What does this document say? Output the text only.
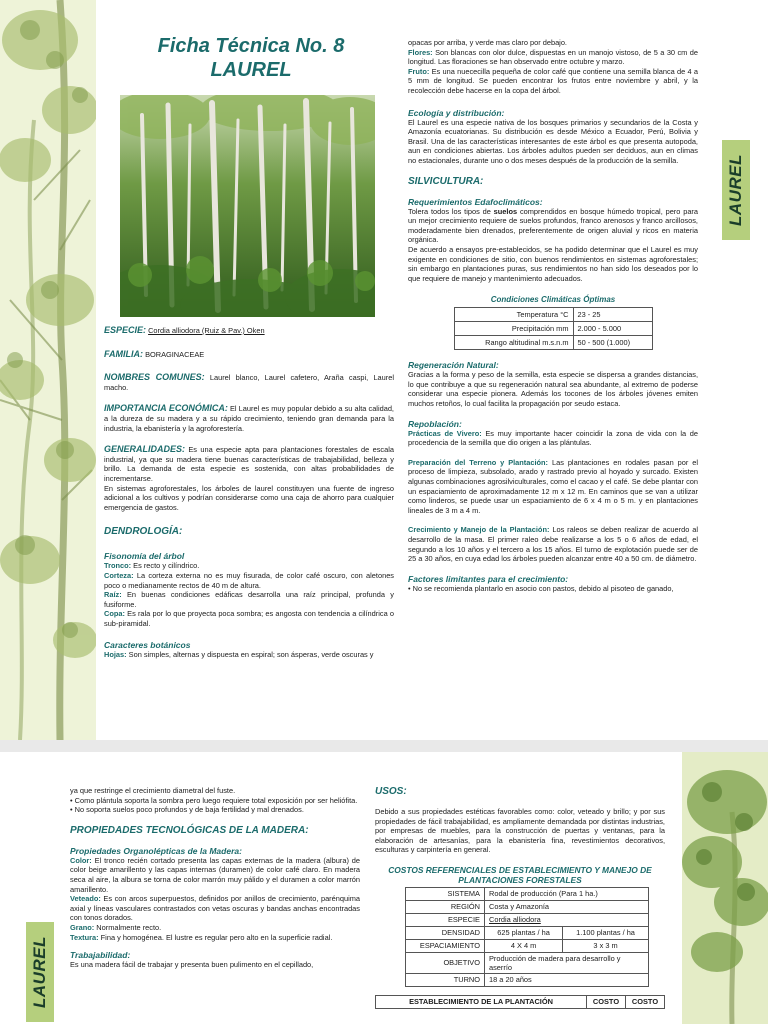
LAUREL
Ficha Técnica No. 8
LAUREL
ESPECIE: Cordia alliodora (Ruiz & Pav.) Oken
FAMILIA: BORAGINACEAE
NOMBRES COMUNES: Laurel blanco, Laurel cafetero, Araña caspi, Laurel macho.
IMPORTANCIA ECONÓMICA: El Laurel es muy popular debido a su alta calidad, a la dureza de su madera y a su rápido crecimiento, teniendo gran demanda para la industria, la ebanistería y la agroforestería.
GENERALIDADES: Es una especie apta para plantaciones forestales de escala industrial, ya que su madera tiene buenas características de trabajabilidad, belleza y brillo. La demanda de esta especie es sostenida, con altas probabilidades de incrementarse.
En sistemas agroforestales, los árboles de laurel constituyen una fuente de ingreso adicional a los cultivos y podrían considerarse como una caja de ahorro para cualquier emergencia de gastos.
DENDROLOGÍA:
Fisonomía del árbol
Tronco: Es recto y cilíndrico.
Corteza: La corteza externa no es muy fisurada, de color café oscuro, con aletones poco o medianamente rectos de 40 m de altura.
Raíz: En buenas condiciones edáficas desarrolla una raíz principal, profunda y fusiforme.
Copa: Es rala por lo que proyecta poca sombra; es angosta con tendencia a cilíndrica o sub-piramidal.
Caracteres botánicos
Hojas: Son simples, alternas y dispuesta en espiral; son ásperas, verde oscuras y
opacas por arriba, y verde mas claro por debajo.
Flores: Son blancas con olor dulce, dispuestas en un manojo vistoso, de 5 a 30 cm de longitud. Las floraciones se han observado entre octubre y marzo.
Fruto: Es una nuececilla pequeña de color café que contiene una semilla blanca de 4 a 5 mm de longitud. Se pueden encontrar los frutos entre noviembre y abril, y la recolección debe hacerse en la copa del árbol.
Ecología y distribución:
El Laurel es una especie nativa de los bosques primarios y secundarios de la Costa y Amazonía ecuatorianas. Su distribución es desde México a Ecuador, Perú, Bolivia y Brasil. Una de las características interesantes de este árbol es que presenta autopoda, aun en condiciones abiertas. Los árboles adultos pueden ser deciduos, aun en climas no estacionales, durante uno o dos meses después de la producción de la semilla.
SILVICULTURA:
Requerimientos Edafoclimáticos:
Tolera todos los tipos de suelos comprendidos en bosque húmedo tropical, pero para un mejor crecimiento requiere de suelos profundos, franco arenosos y franco arcillosos, moderadamente bien drenados, preferentemente de origen aluvial y ricos en materia orgánica.
De acuerdo a ensayos pre-establecidos, se ha podido determinar que el Laurel es muy exigente en condiciones de sitio, con buenos rendimientos en sistemas agroforestales; sin embargo en plantaciones puras, sus rendimientos no han sido los deseados por lo que requiere de manejo y mantenimiento adecuados.
Condiciones Climáticas Óptimas
Temperatura °C	23 - 25
Precipitación mm	2.000 - 5.000
Rango altitudinal m.s.n.m	50 - 500 (1.000)
Regeneración Natural:
Gracias a la forma y peso de la semilla, esta especie se dispersa a grandes distancias, lo que contribuye a que su regeneración natural sea abundante, al extremo de poderse considerar una especie pionera. Además los tocones de los árboles jóvenes emiten muchos retoños, lo cual facilita la propagación por seudo estaca.
Repoblación:
Prácticas de Vivero: Es muy importante hacer coincidir la zona de vida con la de procedencia de la semilla que dio origen a las plántulas.
Preparación del Terreno y Plantación: Las plantaciones en rodales pasan por el proceso de limpieza, subsolado, arado y rastrado previo al hoyado y surcado. Existen algunas combinaciones agrosilviculturales, como el cacao y el café. Se debe plantar con un espaciamiento de aproximadamente 12 m x 12 m. En caminos que se van a utilizar como linderos, se puede usar un espaciamiento de 6 x 4 m o 5 m. y en plantaciones lineales de 3 m a 4 m.
Crecimiento y Manejo de la Plantación: Los raleos se deben realizar de acuerdo al desarrollo de la masa. El primer raleo debe realizarse a los 5 o 6 años de edad, el segundo a los 10 años y el tercero a los 15 años. El turno de explotación puede ser de 25 a 30 años, en cuya edad los árboles pueden alcanzar entre 40 a 50 cm. de diámetro.
Factores limitantes para el crecimiento:
• No se recomienda plantarlo en asocio con pastos, debido al pisoteo de ganado,
LAUREL
ya que restringe el crecimiento diametral del fuste.
• Como plántula soporta la sombra pero luego requiere total exposición por ser heliófita.
• No soporta suelos poco profundos y de baja fertilidad y mal drenados.
PROPIEDADES TECNOLÓGICAS DE LA MADERA:
Propiedades Organolépticas de la Madera:
Color: El tronco recién cortado presenta las capas externas de la madera (albura) de color beige amarillento y las capas internas (duramen) de color café claro. En madera seca al aire, la albura se torna de color marrón muy pálido y el duramen a color marrón amarillento.
Veteado: Es con arcos superpuestos, definidos por anillos de crecimiento, parénquima axial y líneas vasculares contrastados con vetas oscuras y bandas anchas encontradas con tonos dorados.
Grano: Normalmente recto.
Textura: Fina y homogénea. El lustre es regular pero alto en la superficie radial.
Trabajabilidad:
Es una madera fácil de trabajar y presenta buen pulimento en el cepillado,
USOS:
Debido a sus propiedades estéticas favorables como: color, veteado y brillo; y por sus propiedades de fácil trabajabilidad, es ampliamente demandada por distintas industrias, por empresas de muebles, para la construcción de puertas y ventanas, para la elaboración de artesanías, para la ebanistería fina, revestimientos decorativos, esculturas y carpintería en general.
COSTOS REFERENCIALES DE ESTABLECIMIENTO Y MANEJO DE
PLANTACIONES FORESTALES
SISTEMA	Rodal de producción (Para 1 ha.)	
REGIÓN	Costa y Amazonía	
ESPECIE	Cordia alliodora	
DENSIDAD	625 plantas / ha	1.100 plantas / ha
ESPACIAMIENTO	4 X 4 m	3 x 3 m
OBJETIVO	Producción de madera para desarrollo y aserrío	
TURNO	18 a 20 años	
ESTABLECIMIENTO DE LA PLANTACIÓN	COSTO	COSTO
